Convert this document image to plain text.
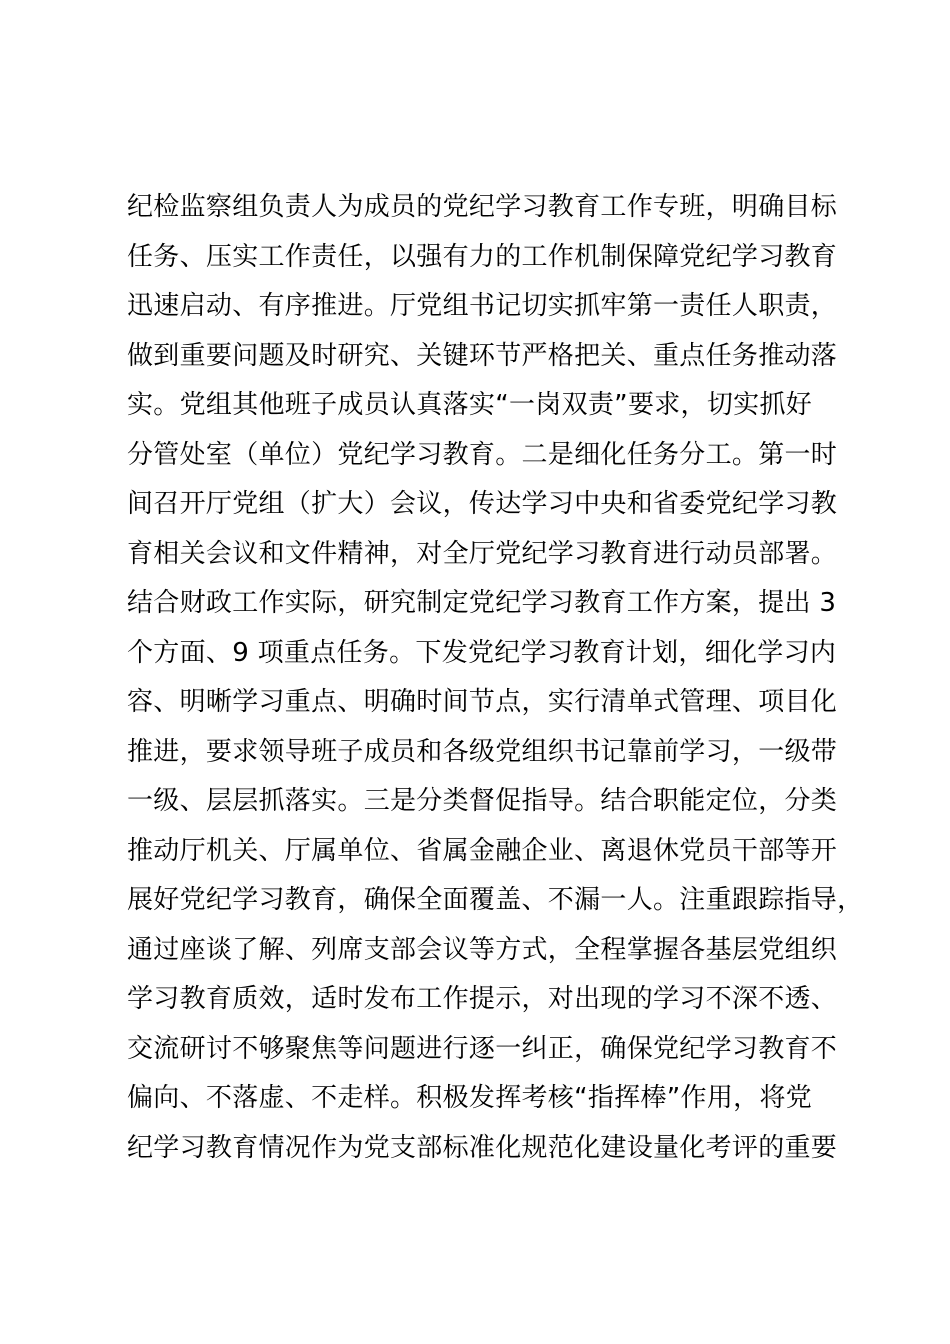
纪检监察组负责人为成员的党纪学习教育工作专班，明确目标
任务、压实工作责任，以强有力的工作机制保障党纪学习教育
迅速启动、有序推进。厅党组书记切实抓牢第一责任人职责，
做到重要问题及时研究、关键环节严格把关、重点任务推动落
实。党组其他班子成员认真落实“一岗双责”要求，切实抓好
分管处室（单位）党纪学习教育。二是细化任务分工。第一时
间召开厅党组（扩大）会议，传达学习中央和省委党纪学习教
育相关会议和文件精神，对全厅党纪学习教育进行动员部署。
结合财政工作实际，研究制定党纪学习教育工作方案，提出 3
个方面、9 项重点任务。下发党纪学习教育计划，细化学习内
容、明晰学习重点、明确时间节点，实行清单式管理、项目化
推进，要求领导班子成员和各级党组织书记靠前学习，一级带
一级、层层抓落实。三是分类督促指导。结合职能定位，分类
推动厅机关、厅属单位、省属金融企业、离退休党员干部等开
展好党纪学习教育，确保全面覆盖、不漏一人。注重跟踪指导，
通过座谈了解、列席支部会议等方式，全程掌握各基层党组织
学习教育质效，适时发布工作提示，对出现的学习不深不透、
交流研讨不够聚焦等问题进行逐一纠正，确保党纪学习教育不
偏向、不落虚、不走样。积极发挥考核“指挥棒”作用，将党
纪学习教育情况作为党支部标准化规范化建设量化考评的重要
